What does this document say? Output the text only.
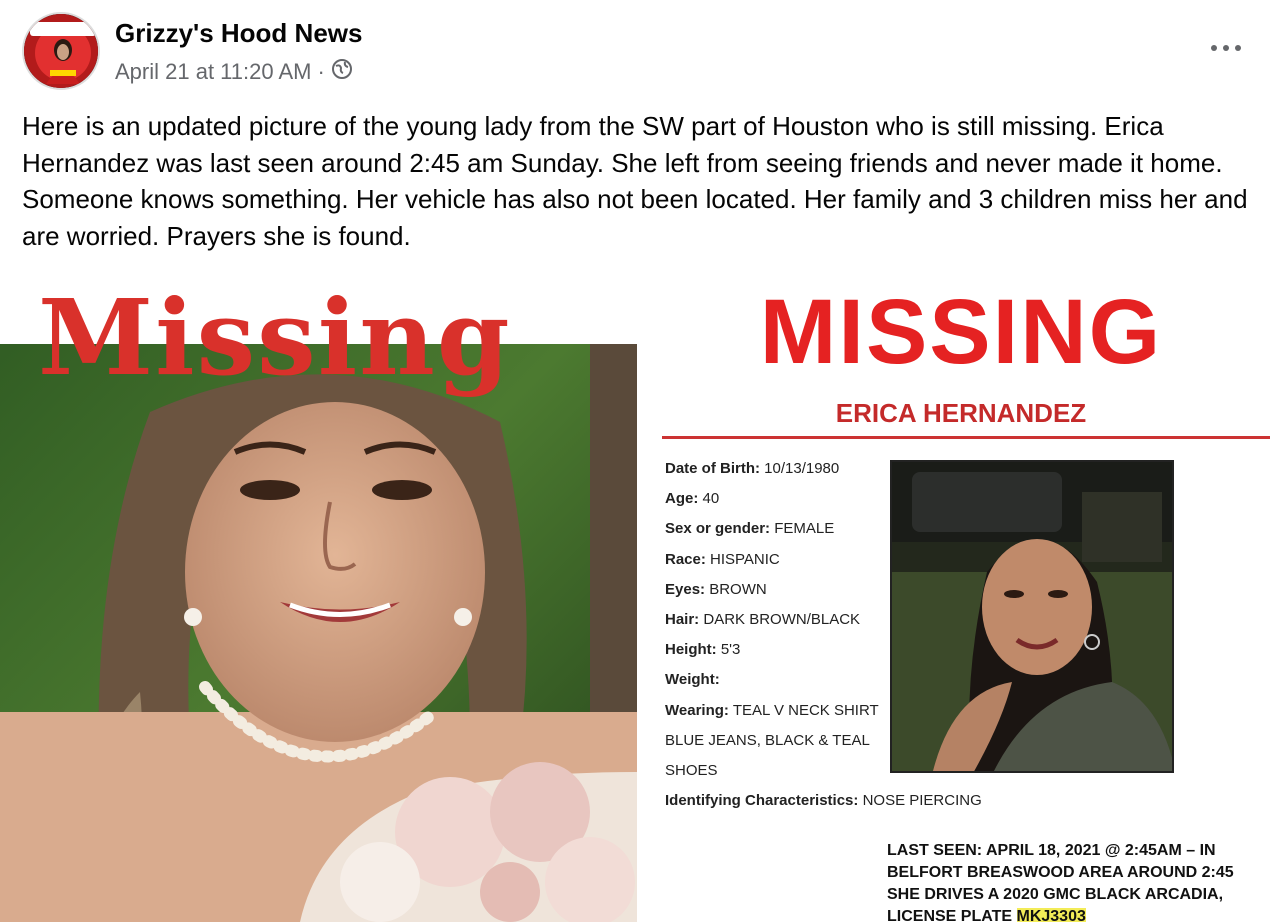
Grizzy's Hood News
April 21 at 11:20 AM ·
Here is an updated picture of the young lady from the SW part of Houston who is still missing. Erica Hernandez was last seen around 2:45 am Sunday. She left from seeing friends and never made it home. Someone knows something. Her vehicle has also not been located. Her family and 3 children miss her and are worried. Prayers she is found.
Missing	MISSING
ERICA HERNANDEZ
Date of Birth: 10/13/1980
Age: 40
Sex or gender: FEMALE
Race: HISPANIC
Eyes: BROWN
Hair: DARK BROWN/BLACK
Height: 5'3
Weight:
Wearing: TEAL V NECK SHIRT
BLUE JEANS, BLACK & TEAL
SHOES
Identifying Characteristics: NOSE PIERCING
LAST SEEN: APRIL 18, 2021 @ 2:45AM – IN
BELFORT BREASWOOD AREA AROUND 2:45
SHE DRIVES A 2020 GMC BLACK ARCADIA,
LICENSE PLATE MKJ3303
